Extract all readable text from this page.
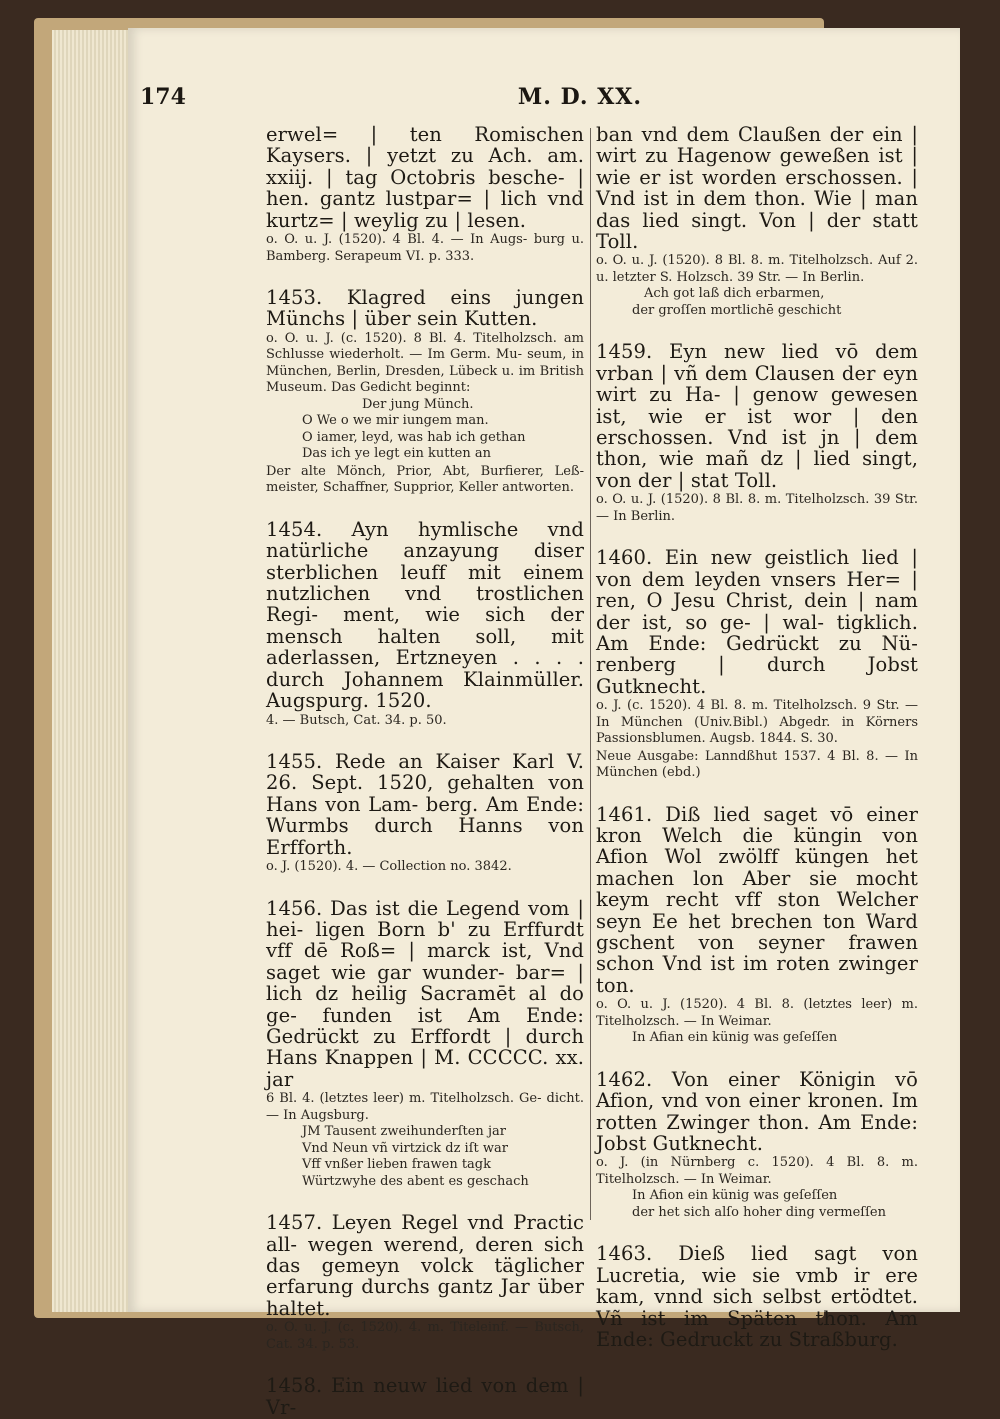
174	M. D. XX.
erwel= | ten Romischen Kaysers. | yetzt zu Ach. am. xxiij. | tag Octobris besche- | hen. gantz lustpar= | lich vnd kurtz= | weylig zu | lesen.
o. O. u. J. (1520). 4 Bl. 4. — In Augs- burg u. Bamberg. Serapeum VI. p. 333.
1453. Klagred eins jungen Münchs | über sein Kutten.
o. O. u. J. (c. 1520). 8 Bl. 4. Titelholzsch. am Schlusse wiederholt. — Im Germ. Mu- seum, in München, Berlin, Dresden, Lübeck u. im British Museum. Das Gedicht beginnt:
Der jung Münch.
O We o we mir iungem man.
O iamer, leyd, was hab ich gethan
Das ich ye legt ein kutten an
Der alte Mönch, Prior, Abt, Burfierer, Leß- meister, Schaffner, Supprior, Keller antworten.
1454. Ayn hymlische vnd natürliche anzayung diser sterblichen leuff mit einem nutzlichen vnd trostlichen Regi- ment, wie sich der mensch halten soll, mit aderlassen, Ertzneyen . . . . durch Johannem Klainmüller. Augspurg. 1520.
4. — Butsch, Cat. 34. p. 50.
1455. Rede an Kaiser Karl V. 26. Sept. 1520, gehalten von Hans von Lam- berg. Am Ende: Wurmbs durch Hanns von Erfforth.
o. J. (1520). 4. — Collection no. 3842.
1456. Das ist die Legend vom | hei- ligen Born b' zu Erffurdt vff dē Roß= | marck ist, Vnd saget wie gar wunder- bar= | lich dz heilig Sacramēt al do ge- funden ist Am Ende: Gedrückt zu Erffordt | durch Hans Knappen | M. CCCCC. xx. jar
6 Bl. 4. (letztes leer) m. Titelholzsch. Ge- dicht. — In Augsburg.
JM Tausent zweihunderſten jar
Vnd Neun vñ virtzick dz iſt war
Vff vnßer lieben frawen tagk
Würtzwyhe des abent es geschach
1457. Leyen Regel vnd Practic all- wegen werend, deren sich das gemeyn volck täglicher erfarung durchs gantz Jar über haltet.
o. O. u. J. (c. 1520). 4. m. Titeleinf. — Butsch, Cat. 34. p. 53.
1458. Ein neuw lied von dem | Vr-
ban vnd dem Claußen der ein | wirt zu Hagenow geweßen ist | wie er ist worden erschossen. | Vnd ist in dem thon. Wie | man das lied singt. Von | der statt Toll.
o. O. u. J. (1520). 8 Bl. 8. m. Titelholzsch. Auf 2. u. letzter S. Holzsch. 39 Str. — In Berlin.
Ach got laß dich erbarmen,
der groſſen mortlichē geschicht
1459. Eyn new lied vō dem vrban | vñ dem Clausen der eyn wirt zu Ha- | genow gewesen ist, wie er ist wor | den erschossen. Vnd ist jn | dem thon, wie mañ dz | lied singt, von der | stat Toll.
o. O. u. J. (1520). 8 Bl. 8. m. Titelholzsch. 39 Str. — In Berlin.
1460. Ein new geistlich lied | von dem leyden vnsers Her= | ren, O Jesu Christ, dein | nam der ist, so ge- | wal- tigklich. Am Ende: Gedrückt zu Nü- renberg | durch Jobst Gutknecht.
o. J. (c. 1520). 4 Bl. 8. m. Titelholzsch. 9 Str. — In München (Univ.Bibl.) Abgedr. in Körners Passionsblumen. Augsb. 1844. S. 30.
Neue Ausgabe: Lanndßhut 1537. 4 Bl. 8. — In München (ebd.)
1461. Diß lied saget vō einer kron Welch die küngin von Afion Wol zwölff küngen het machen lon Aber sie mocht keym recht vff ston Welcher seyn Ee het brechen ton Ward gschent von seyner frawen schon Vnd ist im roten zwinger ton.
o. O. u. J. (1520). 4 Bl. 8. (letztes leer) m. Titelholzsch. — In Weimar.
In Afian ein künig was geſeſſen
1462. Von einer Königin vō Afion, vnd von einer kronen. Im rotten Zwinger thon. Am Ende: Jobst Gutknecht.
o. J. (in Nürnberg c. 1520). 4 Bl. 8. m. Titelholzsch. — In Weimar.
In Afion ein künig was geſeſſen
der het sich alſo hoher ding vermeſſen
1463. Dieß lied sagt von Lucretia, wie sie vmb ir ere kam, vnnd sich selbst ertödtet. Vñ ist im Späten thon. Am Ende: Gedruckt zu Straßburg.
